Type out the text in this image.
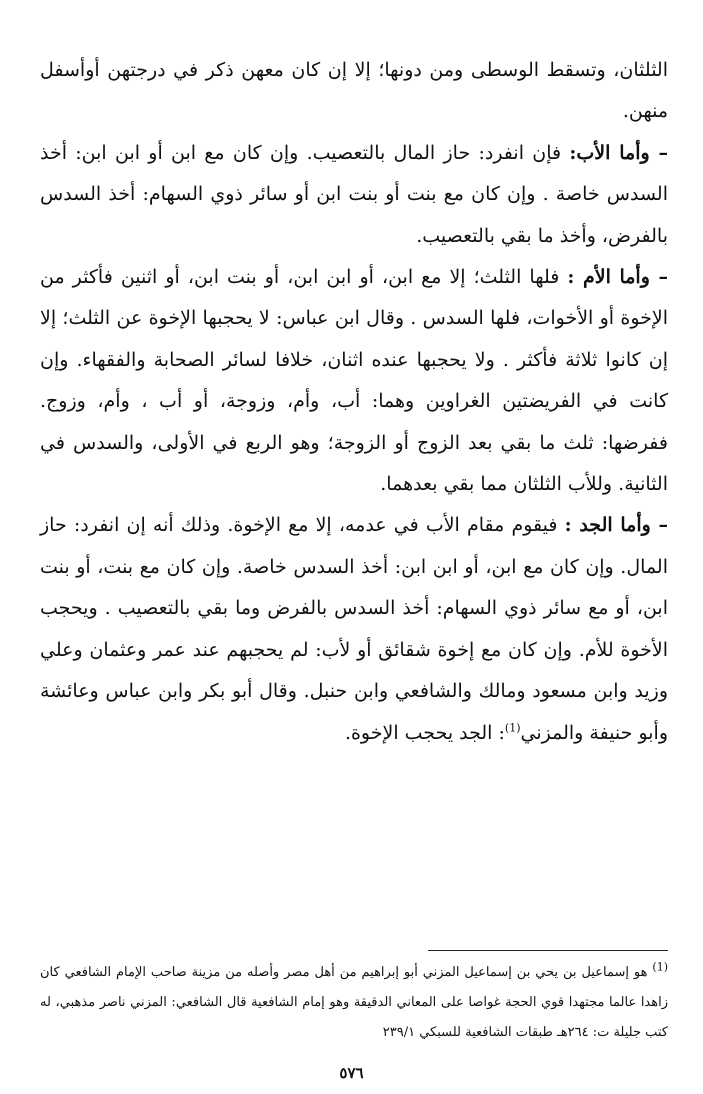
الثلثان، وتسقط الوسطى ومن دونها؛ إلا إن كان معهن ذكر في درجتهن أوأسفل منهن.

– وأما الأب: فإن انفرد: حاز المال بالتعصيب. وإن كان مع ابن أو ابن ابن: أخذ السدس خاصة . وإن كان مع بنت أو بنت ابن أو سائر ذوي السهام: أخذ السدس بالفرض، وأخذ ما بقي بالتعصيب.

– وأما الأم : فلها الثلث؛ إلا مع ابن، أو ابن ابن، أو بنت ابن، أو اثنين فأكثر من الإخوة أو الأخوات، فلها السدس . وقال ابن عباس: لا يحجبها الإخوة عن الثلث؛ إلا إن كانوا ثلاثة فأكثر . ولا يحجبها عنده اثنان، خلافا لسائر الصحابة والفقهاء. وإن كانت في الفريضتين الغراوين وهما: أب، وأم، وزوجة، أو أب ، وأم، وزوج. ففرضها: ثلث ما بقي بعد الزوج أو الزوجة؛ وهو الربع في الأولى، والسدس في الثانية. وللأب الثلثان مما بقي بعدهما.

– وأما الجد : فيقوم مقام الأب في عدمه، إلا مع الإخوة. وذلك أنه إن انفرد: حاز المال. وإن كان مع ابن، أو ابن ابن: أخذ السدس خاصة. وإن كان مع بنت، أو بنت ابن، أو مع سائر ذوي السهام: أخذ السدس بالفرض وما بقي بالتعصيب . ويحجب الأخوة للأم. وإن كان مع إخوة شقائق أو لأب: لم يحجبهم عند عمر وعثمان وعلي وزيد وابن مسعود ومالك والشافعي وابن حنبل. وقال أبو بكر وابن عباس وعائشة وأبو حنيفة والمزني$^{(1)}$: الجد يحجب الإخوة.

$^{(1)}$ هو إسماعيل بن يحي بن إسماعيل المزني أبو إبراهيم من أهل مصر وأصله من مزينة صاحب الإمام الشافعي كان زاهدا عالما مجتهدا قوي الحجة غواصا على المعاني الدقيقة وهو إمام الشافعية قال الشافعي: المزني ناصر مذهبي، له كتب جليلة ت: ٢٦٤هـ طبقات الشافعية للسبكي ٢٣٩/١

٥٧٦
